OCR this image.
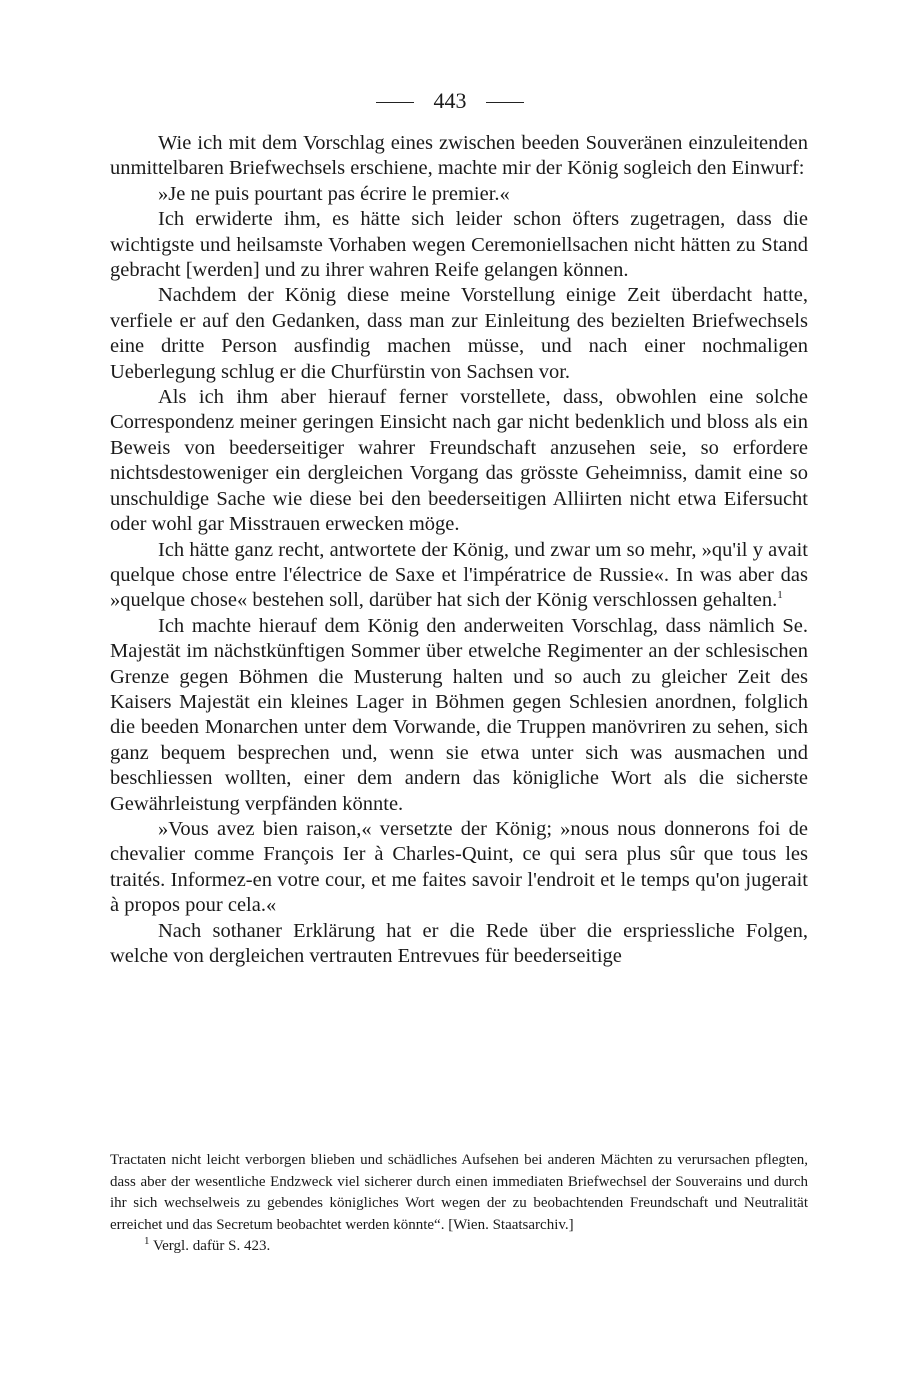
443

Wie ich mit dem Vorschlag eines zwischen beeden Souveränen einzuleitenden unmittelbaren Briefwechsels erschiene, machte mir der König sogleich den Einwurf:

»Je ne puis pourtant pas écrire le premier.«

Ich erwiderte ihm, es hätte sich leider schon öfters zugetragen, dass die wichtigste und heilsamste Vorhaben wegen Ceremoniellsachen nicht hätten zu Stand gebracht [werden] und zu ihrer wahren Reife gelangen können.

Nachdem der König diese meine Vorstellung einige Zeit überdacht hatte, verfiele er auf den Gedanken, dass man zur Einleitung des bezielten Briefwechsels eine dritte Person ausfindig machen müsse, und nach einer nochmaligen Ueberlegung schlug er die Churfürstin von Sachsen vor.

Als ich ihm aber hierauf ferner vorstellete, dass, obwohlen eine solche Correspondenz meiner geringen Einsicht nach gar nicht bedenklich und bloss als ein Beweis von beederseitiger wahrer Freundschaft anzusehen seie, so erfordere nichtsdestoweniger ein dergleichen Vorgang das grösste Geheimniss, damit eine so unschuldige Sache wie diese bei den beederseitigen Alliirten nicht etwa Eifersucht oder wohl gar Misstrauen erwecken möge.

Ich hätte ganz recht, antwortete der König, und zwar um so mehr, »qu'il y avait quelque chose entre l'électrice de Saxe et l'impératrice de Russie«. In was aber das »quelque chose« bestehen soll, darüber hat sich der König verschlossen gehalten.$^1$

Ich machte hierauf dem König den anderweiten Vorschlag, dass nämlich Se. Majestät im nächstkünftigen Sommer über etwelche Regimenter an der schlesischen Grenze gegen Böhmen die Musterung halten und so auch zu gleicher Zeit des Kaisers Majestät ein kleines Lager in Böhmen gegen Schlesien anordnen, folglich die beeden Monarchen unter dem Vorwande, die Truppen manövriren zu sehen, sich ganz bequem besprechen und, wenn sie etwa unter sich was ausmachen und beschliessen wollten, einer dem andern das königliche Wort als die sicherste Gewährleistung verpfänden könnte.

»Vous avez bien raison,« versetzte der König; »nous nous donnerons foi de chevalier comme François Ier à Charles-Quint, ce qui sera plus sûr que tous les traités. Informez-en votre cour, et me faites savoir l'endroit et le temps qu'on jugerait à propos pour cela.«

Nach sothaner Erklärung hat er die Rede über die erspriessliche Folgen, welche von dergleichen vertrauten Entrevues für beederseitige

Tractaten nicht leicht verborgen blieben und schädliches Aufsehen bei anderen Mächten zu verursachen pflegten, dass aber der wesentliche Endzweck viel sicherer durch einen immediaten Briefwechsel der Souverains und durch ihr sich wechselweis zu gebendes königliches Wort wegen der zu beobachtenden Freundschaft und Neutralität erreichet und das Secretum beobachtet werden könnte“. [Wien. Staatsarchiv.]

$^1$ Vergl. dafür S. 423.
